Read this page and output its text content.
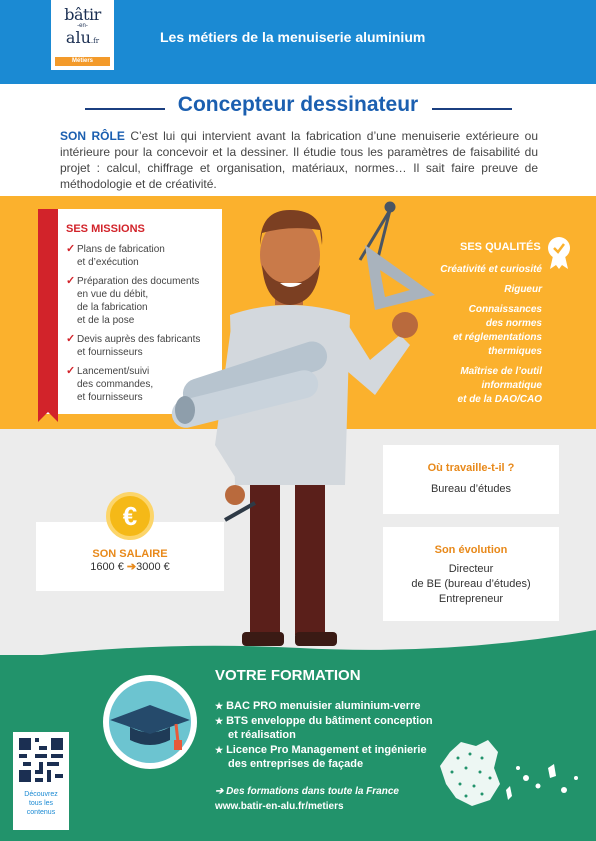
bâtir
-en-
alu.fr
Métiers
Les métiers de la menuiserie aluminium
Concepteur dessinateur
SON RÔLE C’est lui qui intervient avant la fabrication d’une menuiserie extérieure ou intérieure pour la concevoir et la dessiner. Il étudie tous les paramètres de faisabilité du projet : calcul, chiffrage et organisation, matériaux, normes… Il sait faire preuve de méthodologie et de créativité.
SES MISSIONS
✓ Plans de fabrication
et d’exécution
✓ Préparation des documents
en vue du débit,
de la fabrication
et de la pose
✓ Devis auprès des fabricants
et fournisseurs
✓ Lancement/suivi
des commandes,
et fournisseurs
SES QUALITÉS
Créativité et curiosité
Rigueur
Connaissances
des normes
et réglementations
thermiques
Maîtrise de l’outil
informatique
et de la DAO/CAO
Où travaille-t-il ?
Bureau d’études
SON SALAIRE
1600 € ➔3000 €
€
Son évolution
Directeur
de BE (bureau d’études)
Entrepreneur
VOTRE FORMATION
★ BAC PRO menuisier aluminium-verre
★ BTS enveloppe du bâtiment conception
et réalisation
★ Licence Pro Management et ingénierie
des entreprises de façade
➔ Des formations dans toute la France
www.batir-en-alu.fr/metiers
Découvrez
tous les
contenus
